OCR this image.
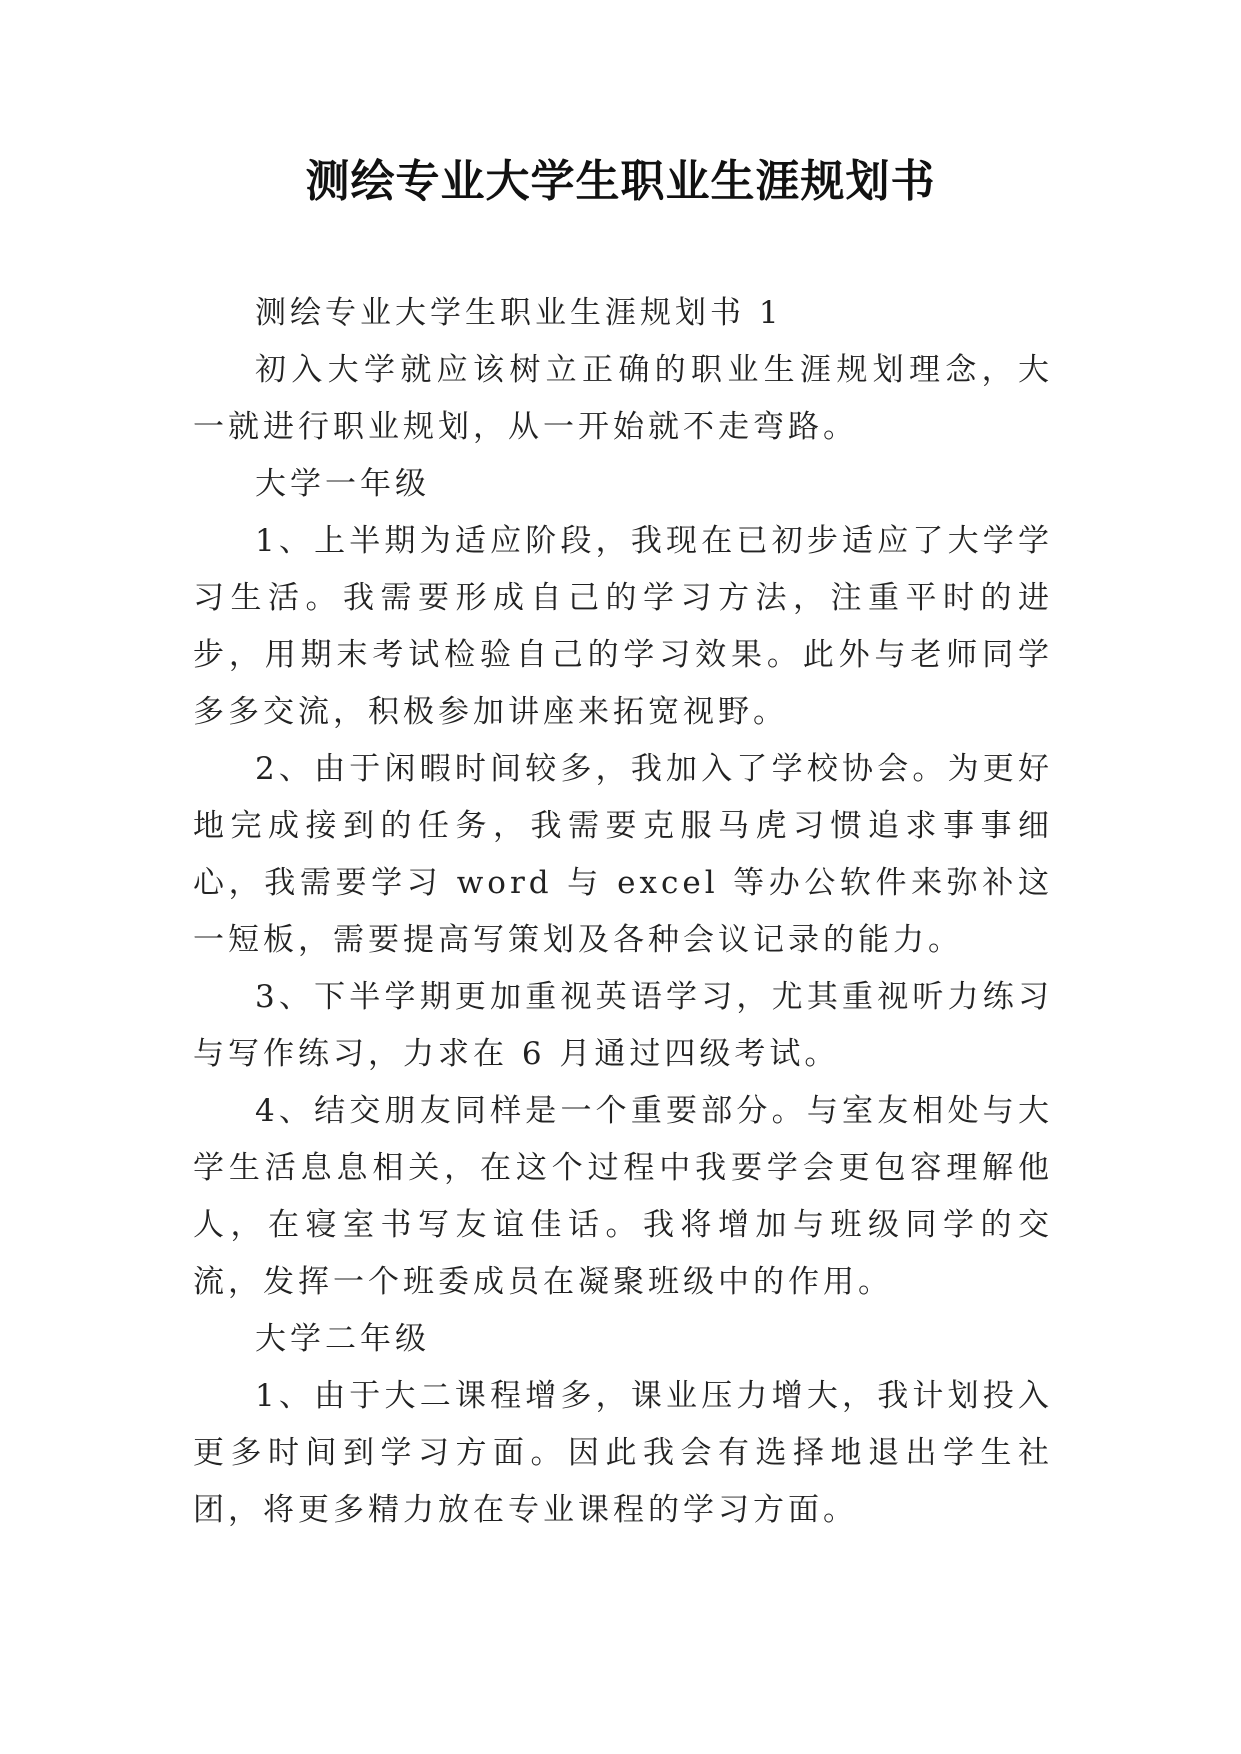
测绘专业大学生职业生涯规划书

测绘专业大学生职业生涯规划书 1

初入大学就应该树立正确的职业生涯规划理念，大一就进行职业规划，从一开始就不走弯路。

大学一年级

1、上半期为适应阶段，我现在已初步适应了大学学习生活。我需要形成自己的学习方法，注重平时的进步，用期末考试检验自己的学习效果。此外与老师同学多多交流，积极参加讲座来拓宽视野。

2、由于闲暇时间较多，我加入了学校协会。为更好地完成接到的任务，我需要克服马虎习惯追求事事细心，我需要学习 word 与 excel 等办公软件来弥补这一短板，需要提高写策划及各种会议记录的能力。

3、下半学期更加重视英语学习，尤其重视听力练习与写作练习，力求在 6 月通过四级考试。

4、结交朋友同样是一个重要部分。与室友相处与大学生活息息相关，在这个过程中我要学会更包容理解他人，在寝室书写友谊佳话。我将增加与班级同学的交流，发挥一个班委成员在凝聚班级中的作用。

大学二年级

1、由于大二课程增多，课业压力增大，我计划投入更多时间到学习方面。因此我会有选择地退出学生社团，将更多精力放在专业课程的学习方面。
